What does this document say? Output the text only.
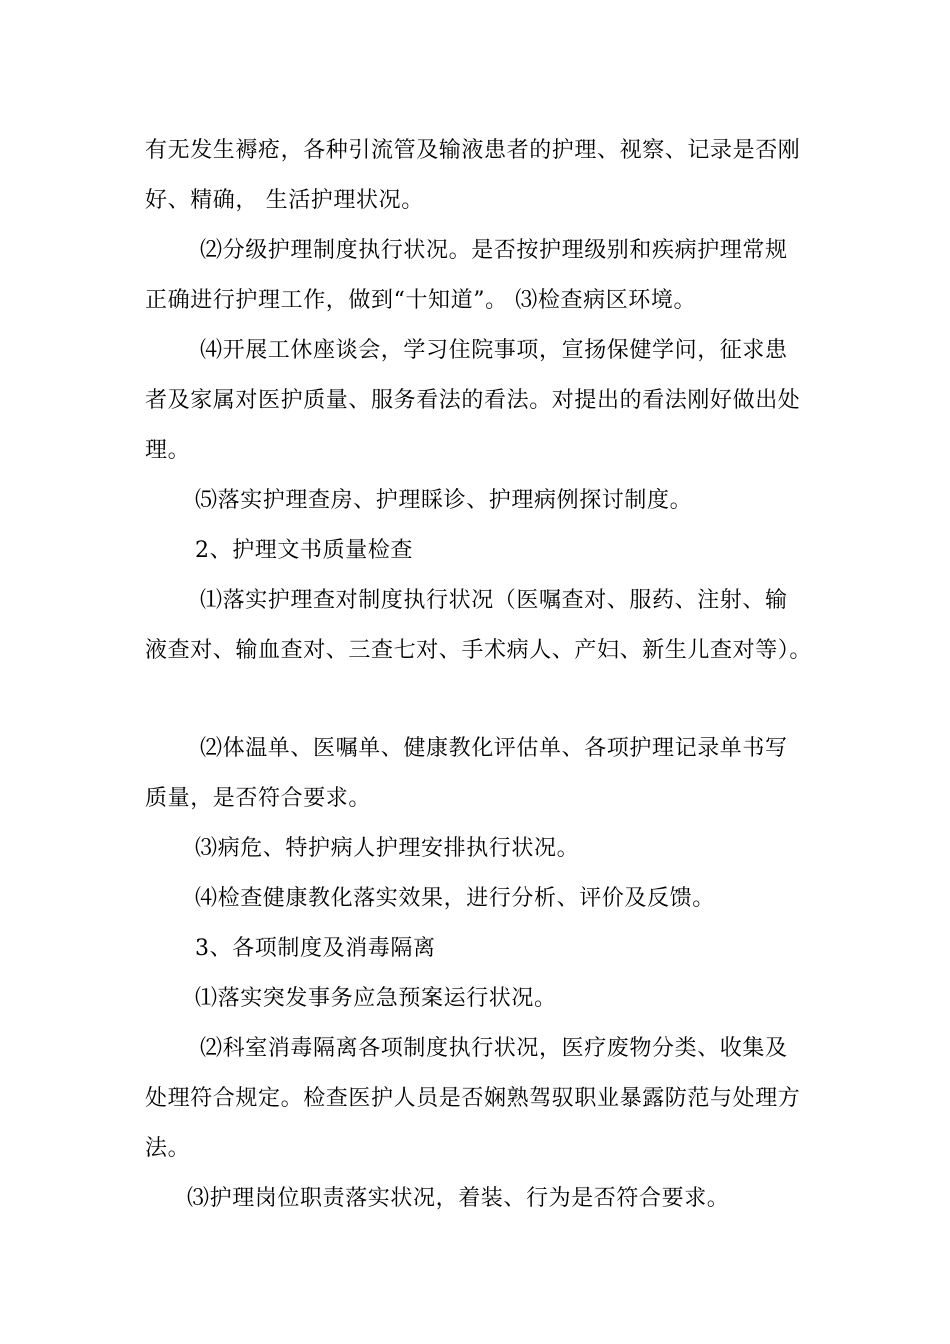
有无发生褥疮，各种引流管及输液患者的护理、视察、记录是否刚
好、精确， 生活护理状况。
⑵分级护理制度执行状况。是否按护理级别和疾病护理常规
正确进行护理工作，做到“十知道”。 ⑶检查病区环境。
⑷开展工休座谈会，学习住院事项，宣扬保健学问，征求患
者及家属对医护质量、服务看法的看法。对提出的看法刚好做出处
理。
⑸落实护理查房、护理睬诊、护理病例探讨制度。
2、护理文书质量检查
⑴落实护理查对制度执行状况（医嘱查对、服药、注射、输
液查对、输血查对、三查七对、手术病人、产妇、新生儿查对等）。
⑵体温单、医嘱单、健康教化评估单、各项护理记录单书写
质量，是否符合要求。
⑶病危、特护病人护理安排执行状况。
⑷检查健康教化落实效果，进行分析、评价及反馈。
3、各项制度及消毒隔离
⑴落实突发事务应急预案运行状况。
⑵科室消毒隔离各项制度执行状况，医疗废物分类、收集及
处理符合规定。检查医护人员是否娴熟驾驭职业暴露防范与处理方
法。
⑶护理岗位职责落实状况，着装、行为是否符合要求。
